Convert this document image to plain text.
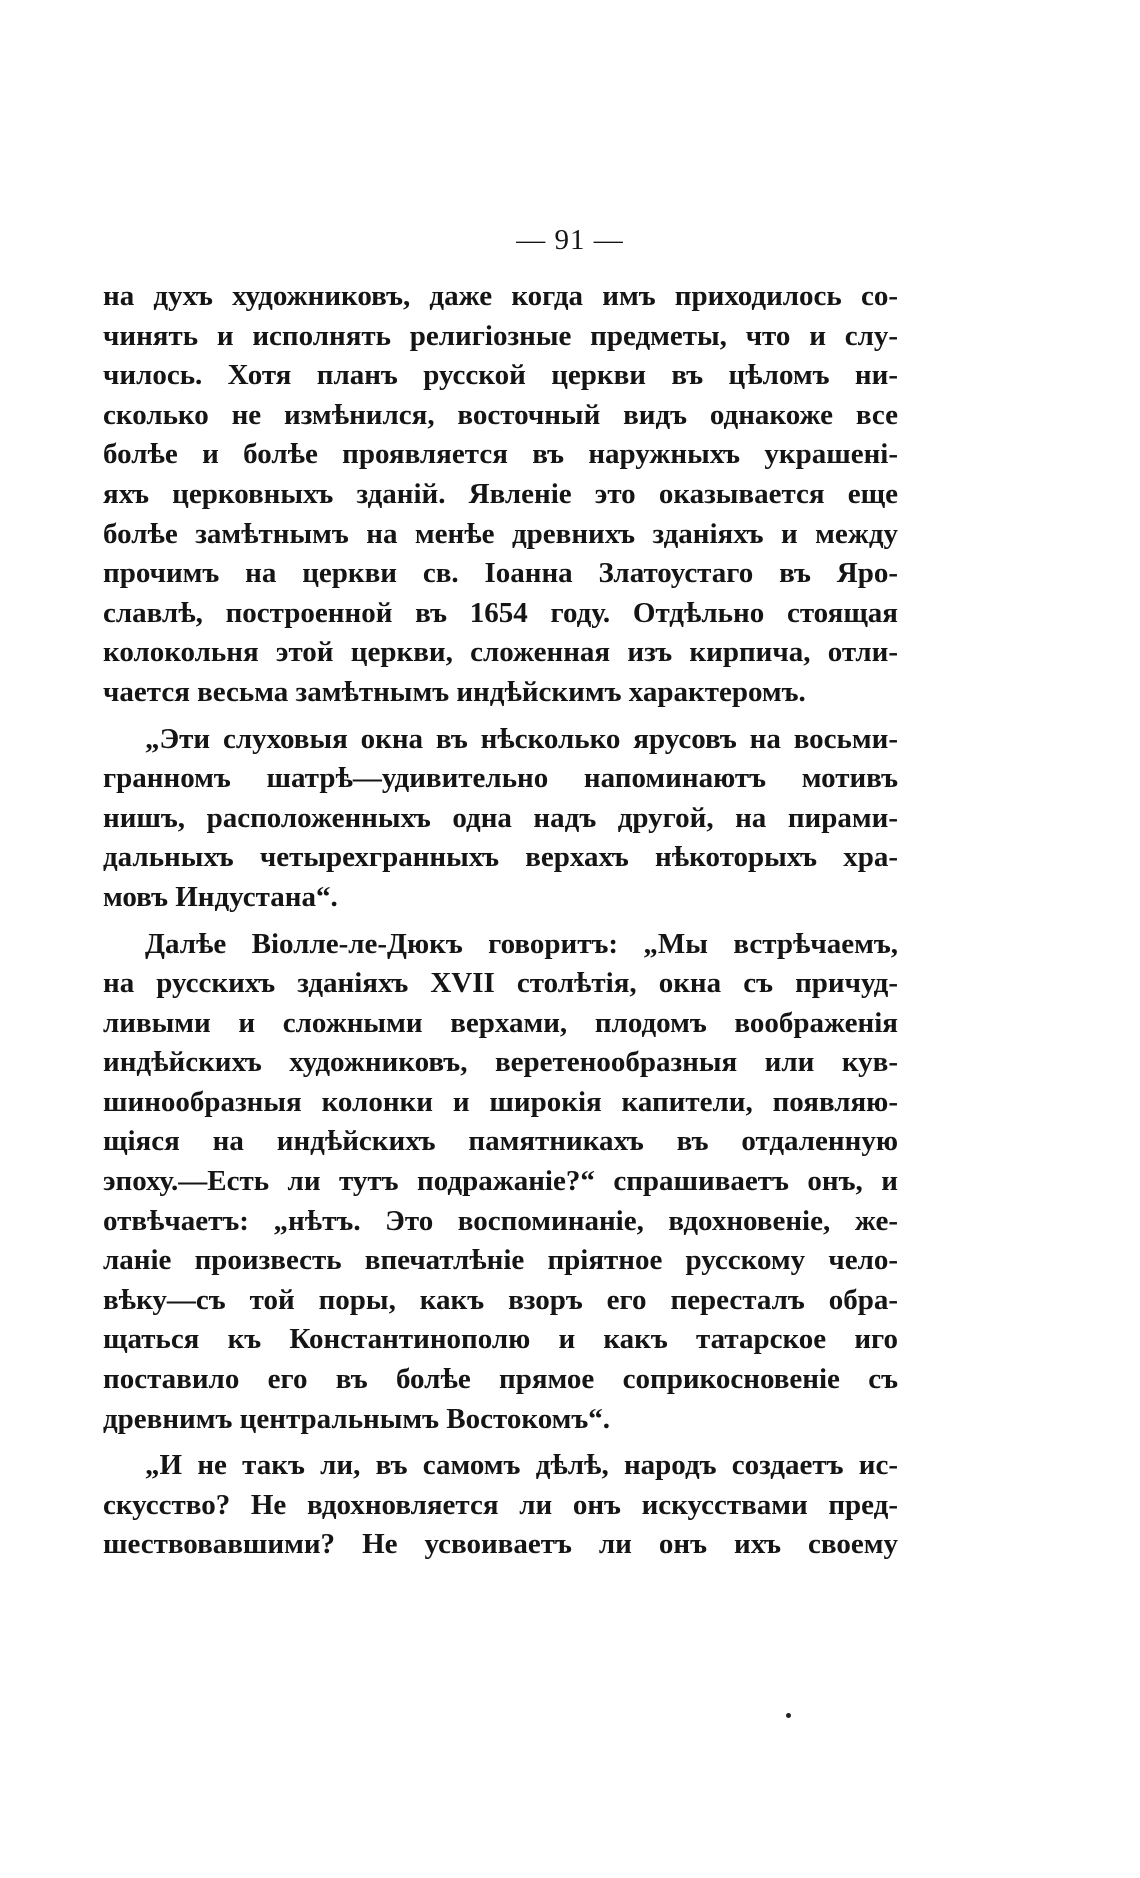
— 91 —
на духъ художниковъ, даже когда имъ приходилось со-
чинять и исполнять религіозные предметы, что и слу-
чилось. Хотя планъ русской церкви въ цѣломъ ни-
сколько не измѣнился, восточный видъ однакоже все
болѣе и болѣе проявляется въ наружныхъ украшені-
яхъ церковныхъ зданій. Явленіе это оказывается еще
болѣе замѣтнымъ на менѣе древнихъ зданіяхъ и между
прочимъ на церкви св. Іоанна Златоустаго въ Яро-
славлѣ, построенной въ 1654 году. Отдѣльно стоящая
колокольня этой церкви, сложенная изъ кирпича, отли-
чается весьма замѣтнымъ индѣйскимъ характеромъ.
„Эти слуховыя окна въ нѣсколько ярусовъ на восьми-
гранномъ шатрѣ—удивительно напоминаютъ мотивъ
нишъ, расположенныхъ одна надъ другой, на пирами-
дальныхъ четырехгранныхъ верхахъ нѣкоторыхъ хра-
мовъ Индустана“.
Далѣе Віолле-ле-Дюкъ говоритъ: „Мы встрѣчаемъ,
на русскихъ зданіяхъ XVII столѣтія, окна съ причуд-
ливыми и сложными верхами, плодомъ воображенія
индѣйскихъ художниковъ, веретенообразныя или кув-
шинообразныя колонки и широкія капители, появляю-
щіяся на индѣйскихъ памятникахъ въ отдаленную
эпоху.—Есть ли тутъ подражаніе?“ спрашиваетъ онъ, и
отвѣчаетъ: „нѣтъ. Это воспоминаніе, вдохновеніе, же-
ланіе произвесть впечатлѣніе пріятное русскому чело-
вѣку—съ той поры, какъ взоръ его пересталъ обра-
щаться къ Константинополю и какъ татарское иго
поставило его въ болѣе прямое соприкосновеніе съ
древнимъ центральнымъ Востокомъ“.
„И не такъ ли, въ самомъ дѣлѣ, народъ создаетъ ис-
скусство? Не вдохновляется ли онъ искусствами пред-
шествовавшими? Не усвоиваетъ ли онъ ихъ своему
